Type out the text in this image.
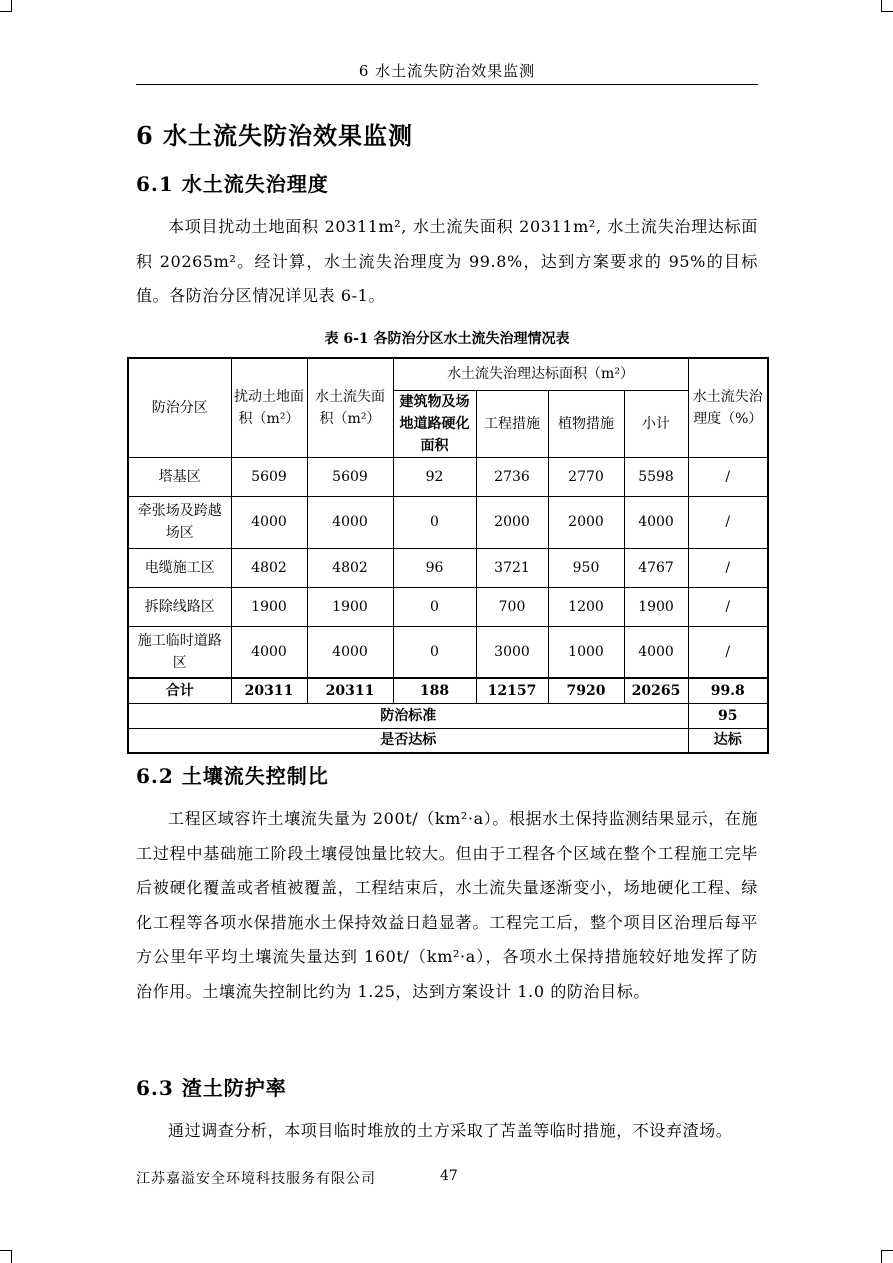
6 水土流失防治效果监测
6 水土流失防治效果监测
6.1 水土流失治理度

本项目扰动土地面积 20311m², 水土流失面积 20311m², 水土流失治理达标面积 20265m²。经计算，水土流失治理度为 99.8%，达到方案要求的 95%的目标值。各防治分区情况详见表 6-1。

表 6-1 各防治分区水土流失治理情况表
防治分区	扰动土地面积（m²）	水土流失面积（m²）	水土流失治理达标面积（m²）				水土流失治理度（%）
			建筑物及场地道路硬化面积	工程措施	植物措施	小计	
塔基区	5609	5609	92	2736	2770	5598	/
牵张场及跨越场区	4000	4000	0	2000	2000	4000	/
电缆施工区	4802	4802	96	3721	950	4767	/
拆除线路区	1900	1900	0	700	1200	1900	/
施工临时道路区	4000	4000	0	3000	1000	4000	/
合计	20311	20311	188	12157	7920	20265	99.8
防治标准							95
是否达标							达标
6.2 土壤流失控制比

工程区域容许土壤流失量为 200t/（km²·a）。根据水土保持监测结果显示，在施工过程中基础施工阶段土壤侵蚀量比较大。但由于工程各个区域在整个工程施工完毕后被硬化覆盖或者植被覆盖，工程结束后，水土流失量逐渐变小，场地硬化工程、绿化工程等各项水保措施水土保持效益日趋显著。工程完工后，整个项目区治理后每平方公里年平均土壤流失量达到 160t/（km²·a），各项水土保持措施较好地发挥了防治作用。土壤流失控制比约为 1.25，达到方案设计 1.0 的防治目标。

6.3 渣土防护率

通过调查分析，本项目临时堆放的土方采取了苫盖等临时措施，不设弃渣场。

江苏嘉溢安全环境科技服务有限公司	47
